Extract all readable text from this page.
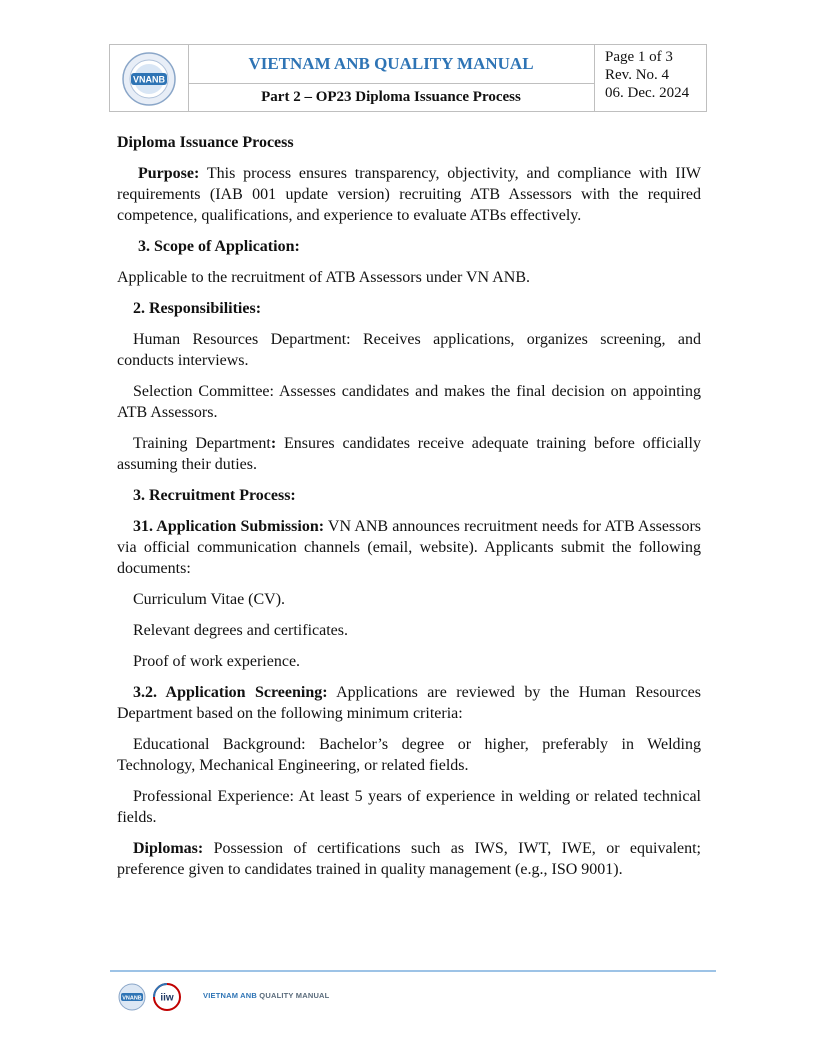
VNANB
VIETNAM ANB QUALITY MANUAL
Part 2 – OP23 Diploma Issuance Process
Page 1 of 3
Rev. No. 4
06. Dec. 2024

Diploma Issuance Process

Purpose: This process ensures transparency, objectivity, and compliance with IIW requirements (IAB 001 update version) recruiting ATB Assessors with the required competence, qualifications, and experience to evaluate ATBs effectively.

3. Scope of Application:

Applicable to the recruitment of ATB Assessors under VN ANB.

2. Responsibilities:

Human Resources Department: Receives applications, organizes screening, and conducts interviews.

Selection Committee: Assesses candidates and makes the final decision on appointing ATB Assessors.

Training Department: Ensures candidates receive adequate training before officially assuming their duties.

3. Recruitment Process:

31. Application Submission: VN ANB announces recruitment needs for ATB Assessors via official communication channels (email, website). Applicants submit the following documents:

Curriculum Vitae (CV).

Relevant degrees and certificates.

Proof of work experience.

3.2. Application Screening: Applications are reviewed by the Human Resources Department based on the following minimum criteria:

Educational Background: Bachelor’s degree or higher, preferably in Welding Technology, Mechanical Engineering, or related fields.

Professional Experience: At least 5 years of experience in welding or related technical fields.

Diplomas: Possession of certifications such as IWS, IWT, IWE, or equivalent; preference given to candidates trained in quality management (e.g., ISO 9001).

VNANB iiw	VIETNAM ANB QUALITY MANUAL
